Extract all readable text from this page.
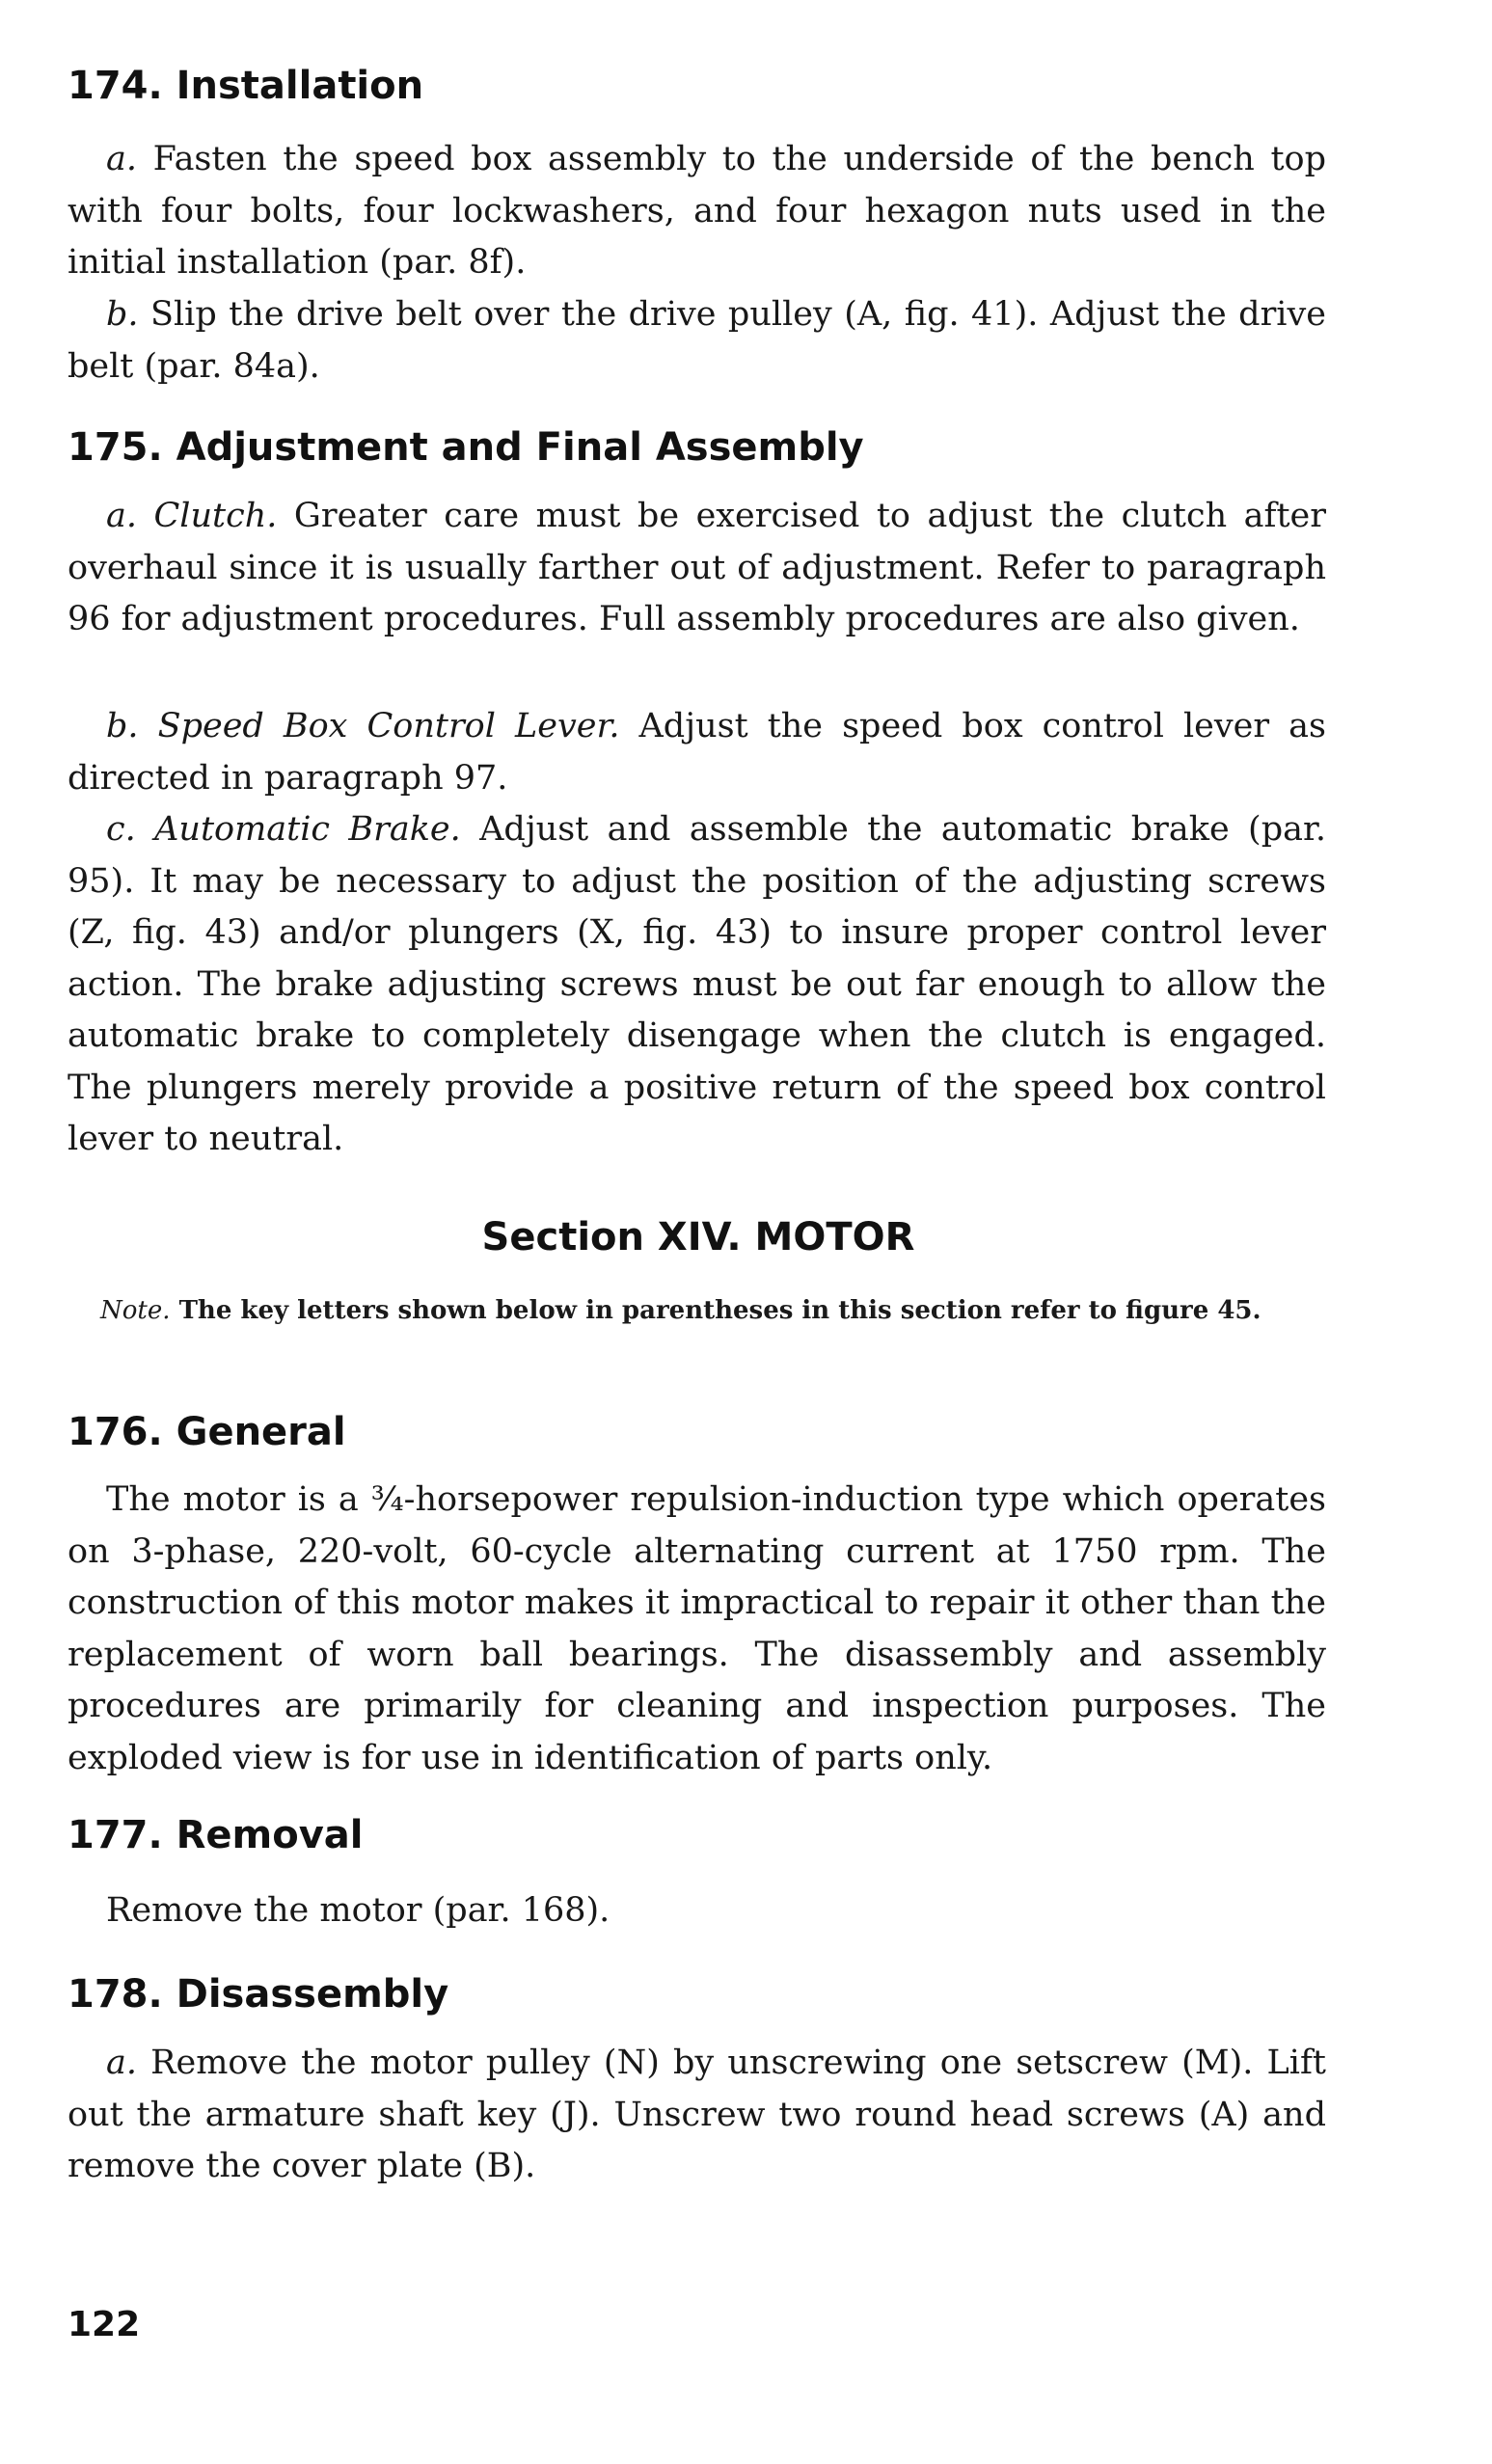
174. Installation

a. Fasten the speed box assembly to the underside of the bench top with four bolts, four lockwashers, and four hexagon nuts used in the initial installation (par. 8f).

b. Slip the drive belt over the drive pulley (A, fig. 41). Adjust the drive belt (par. 84a).

175. Adjustment and Final Assembly

a. Clutch. Greater care must be exercised to adjust the clutch after overhaul since it is usually farther out of adjustment. Refer to paragraph 96 for adjustment procedures. Full assembly procedures are also given.

b. Speed Box Control Lever. Adjust the speed box control lever as directed in paragraph 97.

c. Automatic Brake. Adjust and assemble the automatic brake (par. 95). It may be necessary to adjust the position of the adjusting screws (Z, fig. 43) and/or plungers (X, fig. 43) to insure proper control lever action. The brake adjusting screws must be out far enough to allow the automatic brake to completely disengage when the clutch is engaged. The plungers merely provide a positive return of the speed box control lever to neutral.

Section XIV. MOTOR

Note. The key letters shown below in parentheses in this section refer to figure 45.

176. General

The motor is a ¾-horsepower repulsion-induction type which operates on 3-phase, 220-volt, 60-cycle alternating current at 1750 rpm. The construction of this motor makes it impractical to repair it other than the replacement of worn ball bearings. The disassembly and assembly procedures are primarily for cleaning and inspection purposes. The exploded view is for use in identification of parts only.

177. Removal

Remove the motor (par. 168).

178. Disassembly

a. Remove the motor pulley (N) by unscrewing one setscrew (M). Lift out the armature shaft key (J). Unscrew two round head screws (A) and remove the cover plate (B).

122
